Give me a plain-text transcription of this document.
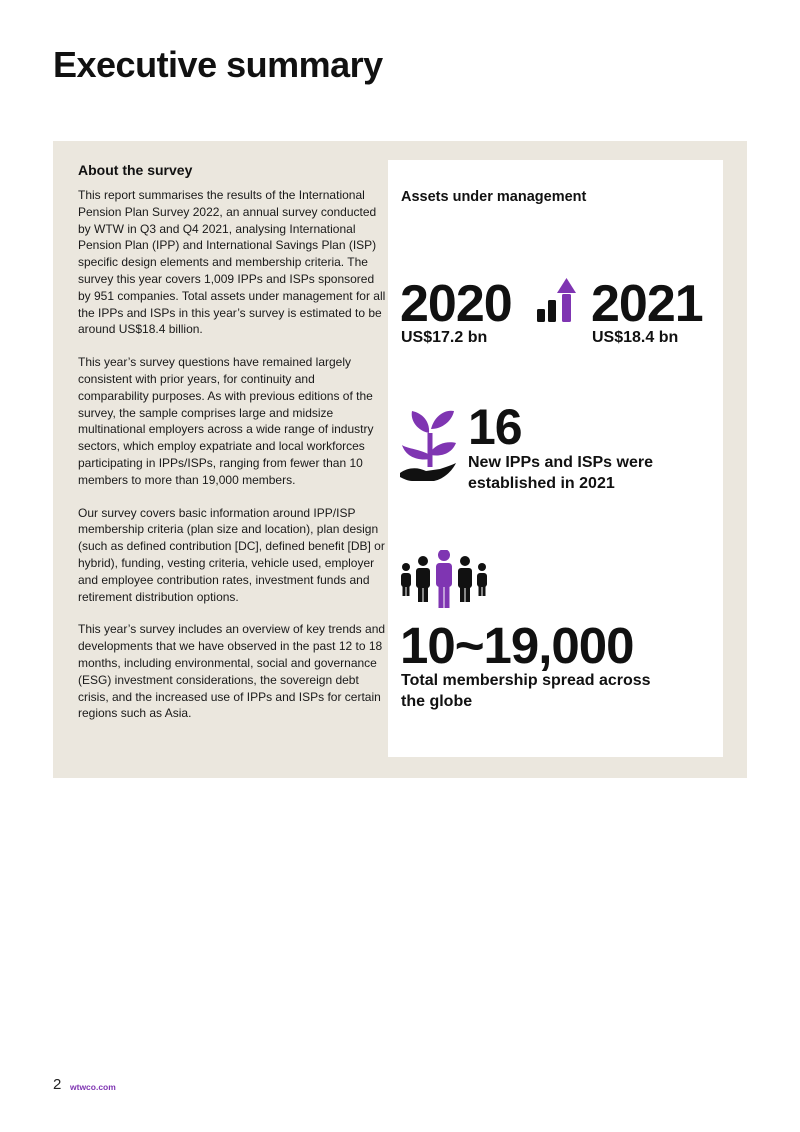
Executive summary
About the survey

This report summarises the results of the International Pension Plan Survey 2022, an annual survey conducted by WTW in Q3 and Q4 2021, analysing International Pension Plan (IPP) and International Savings Plan (ISP) specific design elements and membership criteria. The survey this year covers 1,009 IPPs and ISPs sponsored by 951 companies. Total assets under management for all the IPPs and ISPs in this year’s survey is estimated to be around US$18.4 billion.

This year’s survey questions have remained largely consistent with prior years, for continuity and comparability purposes. As with previous editions of the survey, the sample comprises large and midsize multinational employers across a wide range of industry sectors, which employ expatriate and local workforces participating in IPPs/ISPs, ranging from fewer than 10 members to more than 19,000 members.

Our survey covers basic information around IPP/ISP membership criteria (plan size and location), plan design (such as defined contribution [DC], defined benefit [DB] or hybrid), funding, vesting criteria, vehicle used, employer and employee contribution rates, investment funds and retirement distribution options.

This year’s survey includes an overview of key trends and developments that we have observed in the past 12 to 18 months, including environmental, social and governance (ESG) investment considerations, the sovereign debt crisis, and the increased use of IPPs and ISPs for certain regions such as Asia.

Assets under management
2020
US$17.2 bn
2021
US$18.4 bn
16
New IPPs and ISPs were established in 2021
10~19,000
Total membership spread across the globe
2 wtwco.com
